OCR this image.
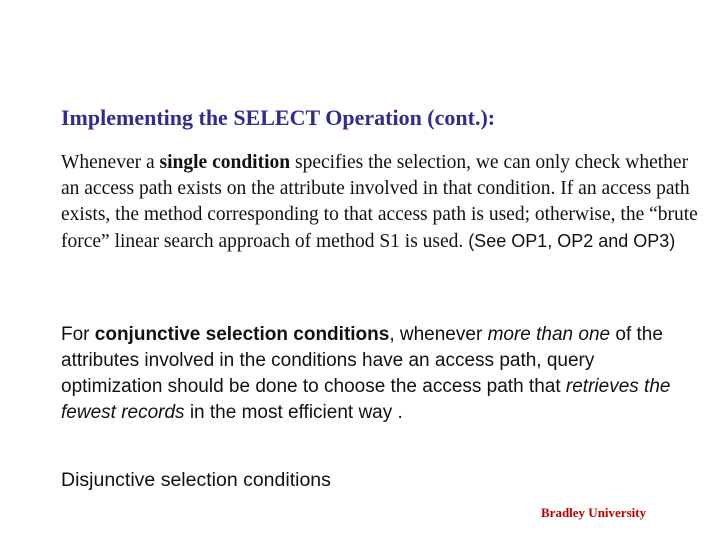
Implementing the SELECT Operation (cont.):

Whenever a single condition specifies the selection, we can only check whether an access path exists on the attribute involved in that condition. If an access path exists, the method corresponding to that access path is used; otherwise, the “brute force” linear search approach of method S1 is used. (See OP1, OP2 and OP3)

For conjunctive selection conditions, whenever more than one of the attributes involved in the conditions have an access path, query optimization should be done to choose the access path that retrieves the fewest records in the most efficient way .

Disjunctive selection conditions

Bradley University
